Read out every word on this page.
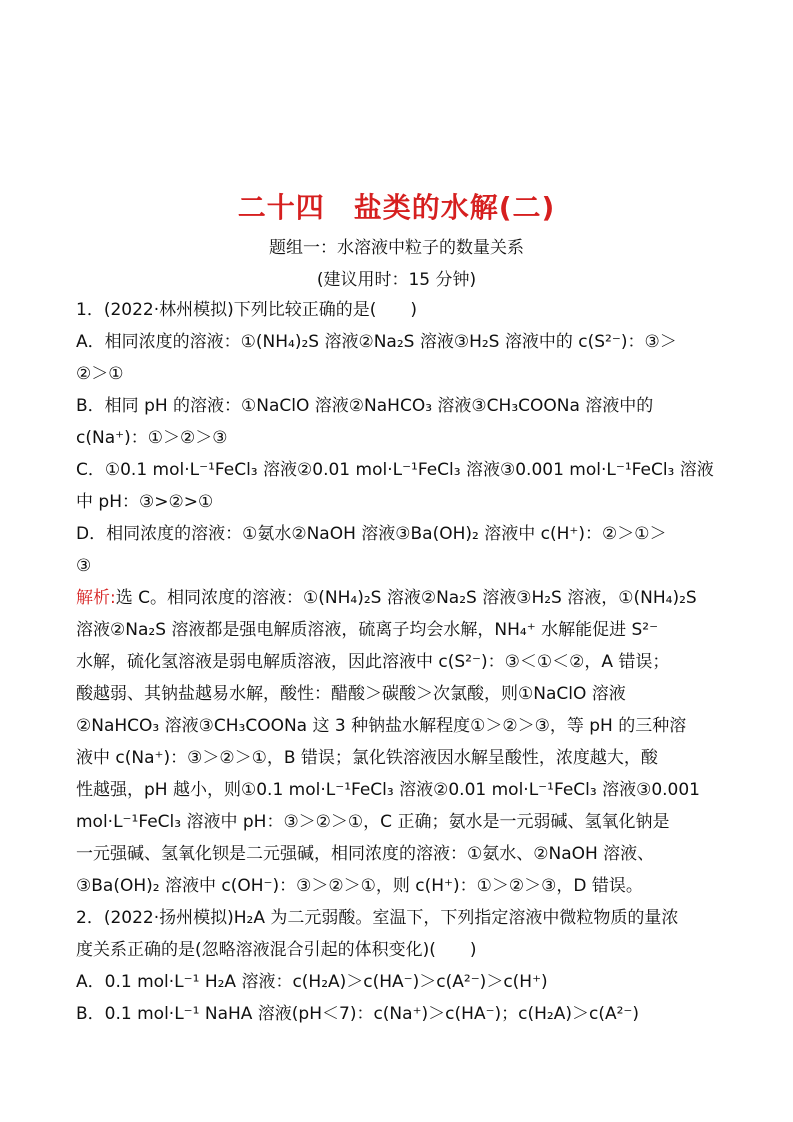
二十四　盐类的水解(二)
题组一：水溶液中粒子的数量关系
(建议用时：15 分钟)
1．(2022·林州模拟)下列比较正确的是(　　)
A．相同浓度的溶液：①(NH₄)₂S 溶液②Na₂S 溶液③H₂S 溶液中的 c(S²⁻)：③＞
②＞①
B．相同 pH 的溶液：①NaClO 溶液②NaHCO₃ 溶液③CH₃COONa 溶液中的
c(Na⁺)：①＞②＞③
C．①0.1 mol·L⁻¹FeCl₃ 溶液②0.01 mol·L⁻¹FeCl₃ 溶液③0.001 mol·L⁻¹FeCl₃ 溶液
中 pH：③>②>①
D．相同浓度的溶液：①氨水②NaOH 溶液③Ba(OH)₂ 溶液中 c(H⁺)：②＞①＞
③
解析:选 C。相同浓度的溶液：①(NH₄)₂S 溶液②Na₂S 溶液③H₂S 溶液，①(NH₄)₂S
溶液②Na₂S 溶液都是强电解质溶液，硫离子均会水解，NH₄⁺ 水解能促进 S²⁻
水解，硫化氢溶液是弱电解质溶液，因此溶液中 c(S²⁻)：③＜①＜②，A 错误；
酸越弱、其钠盐越易水解，酸性：醋酸＞碳酸＞次氯酸，则①NaClO 溶液
②NaHCO₃ 溶液③CH₃COONa 这 3 种钠盐水解程度①＞②＞③，等 pH 的三种溶
液中 c(Na⁺)：③＞②＞①，B 错误；氯化铁溶液因水解呈酸性，浓度越大，酸
性越强，pH 越小，则①0.1 mol·L⁻¹FeCl₃ 溶液②0.01 mol·L⁻¹FeCl₃ 溶液③0.001
mol·L⁻¹FeCl₃ 溶液中 pH：③＞②＞①，C 正确；氨水是一元弱碱、氢氧化钠是
一元强碱、氢氧化钡是二元强碱，相同浓度的溶液：①氨水、②NaOH 溶液、
③Ba(OH)₂ 溶液中 c(OH⁻)：③＞②＞①，则 c(H⁺)：①＞②＞③，D 错误。
2．(2022·扬州模拟)H₂A 为二元弱酸。室温下，下列指定溶液中微粒物质的量浓
度关系正确的是(忽略溶液混合引起的体积变化)(　　)
A．0.1 mol·L⁻¹ H₂A 溶液：c(H₂A)＞c(HA⁻)＞c(A²⁻)＞c(H⁺)
B．0.1 mol·L⁻¹ NaHA 溶液(pH＜7)：c(Na⁺)＞c(HA⁻)；c(H₂A)＞c(A²⁻)
